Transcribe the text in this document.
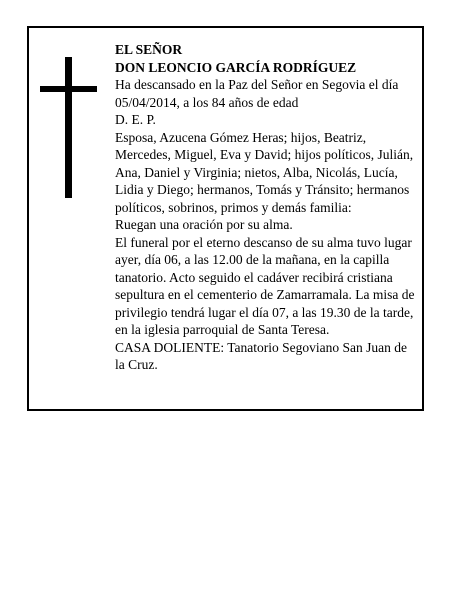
EL SEÑOR

DON LEONCIO GARCÍA RODRÍGUEZ

Ha descansado en la Paz del Señor en Segovia el día 05/04/2014, a los 84 años de edad

D. E. P.

Esposa, Azucena Gómez Heras; hijos, Beatriz, Mercedes, Miguel, Eva y David; hijos políticos, Julián, Ana, Daniel y Virginia; nietos, Alba, Nicolás, Lucía, Lidia y Diego; hermanos, Tomás y Tránsito; hermanos políticos, sobrinos, primos y demás familia:

Ruegan una oración por su alma.

El funeral por el eterno descanso de su alma tuvo lugar ayer, día 06, a las 12.00 de la mañana, en la capilla tanatorio. Acto seguido el cadáver recibirá cristiana sepultura en el cementerio de Zamarramala. La misa de privilegio tendrá lugar el día 07, a las 19.30 de la tarde, en la iglesia parroquial de Santa Teresa.

CASA DOLIENTE: Tanatorio Segoviano San Juan de la Cruz.
